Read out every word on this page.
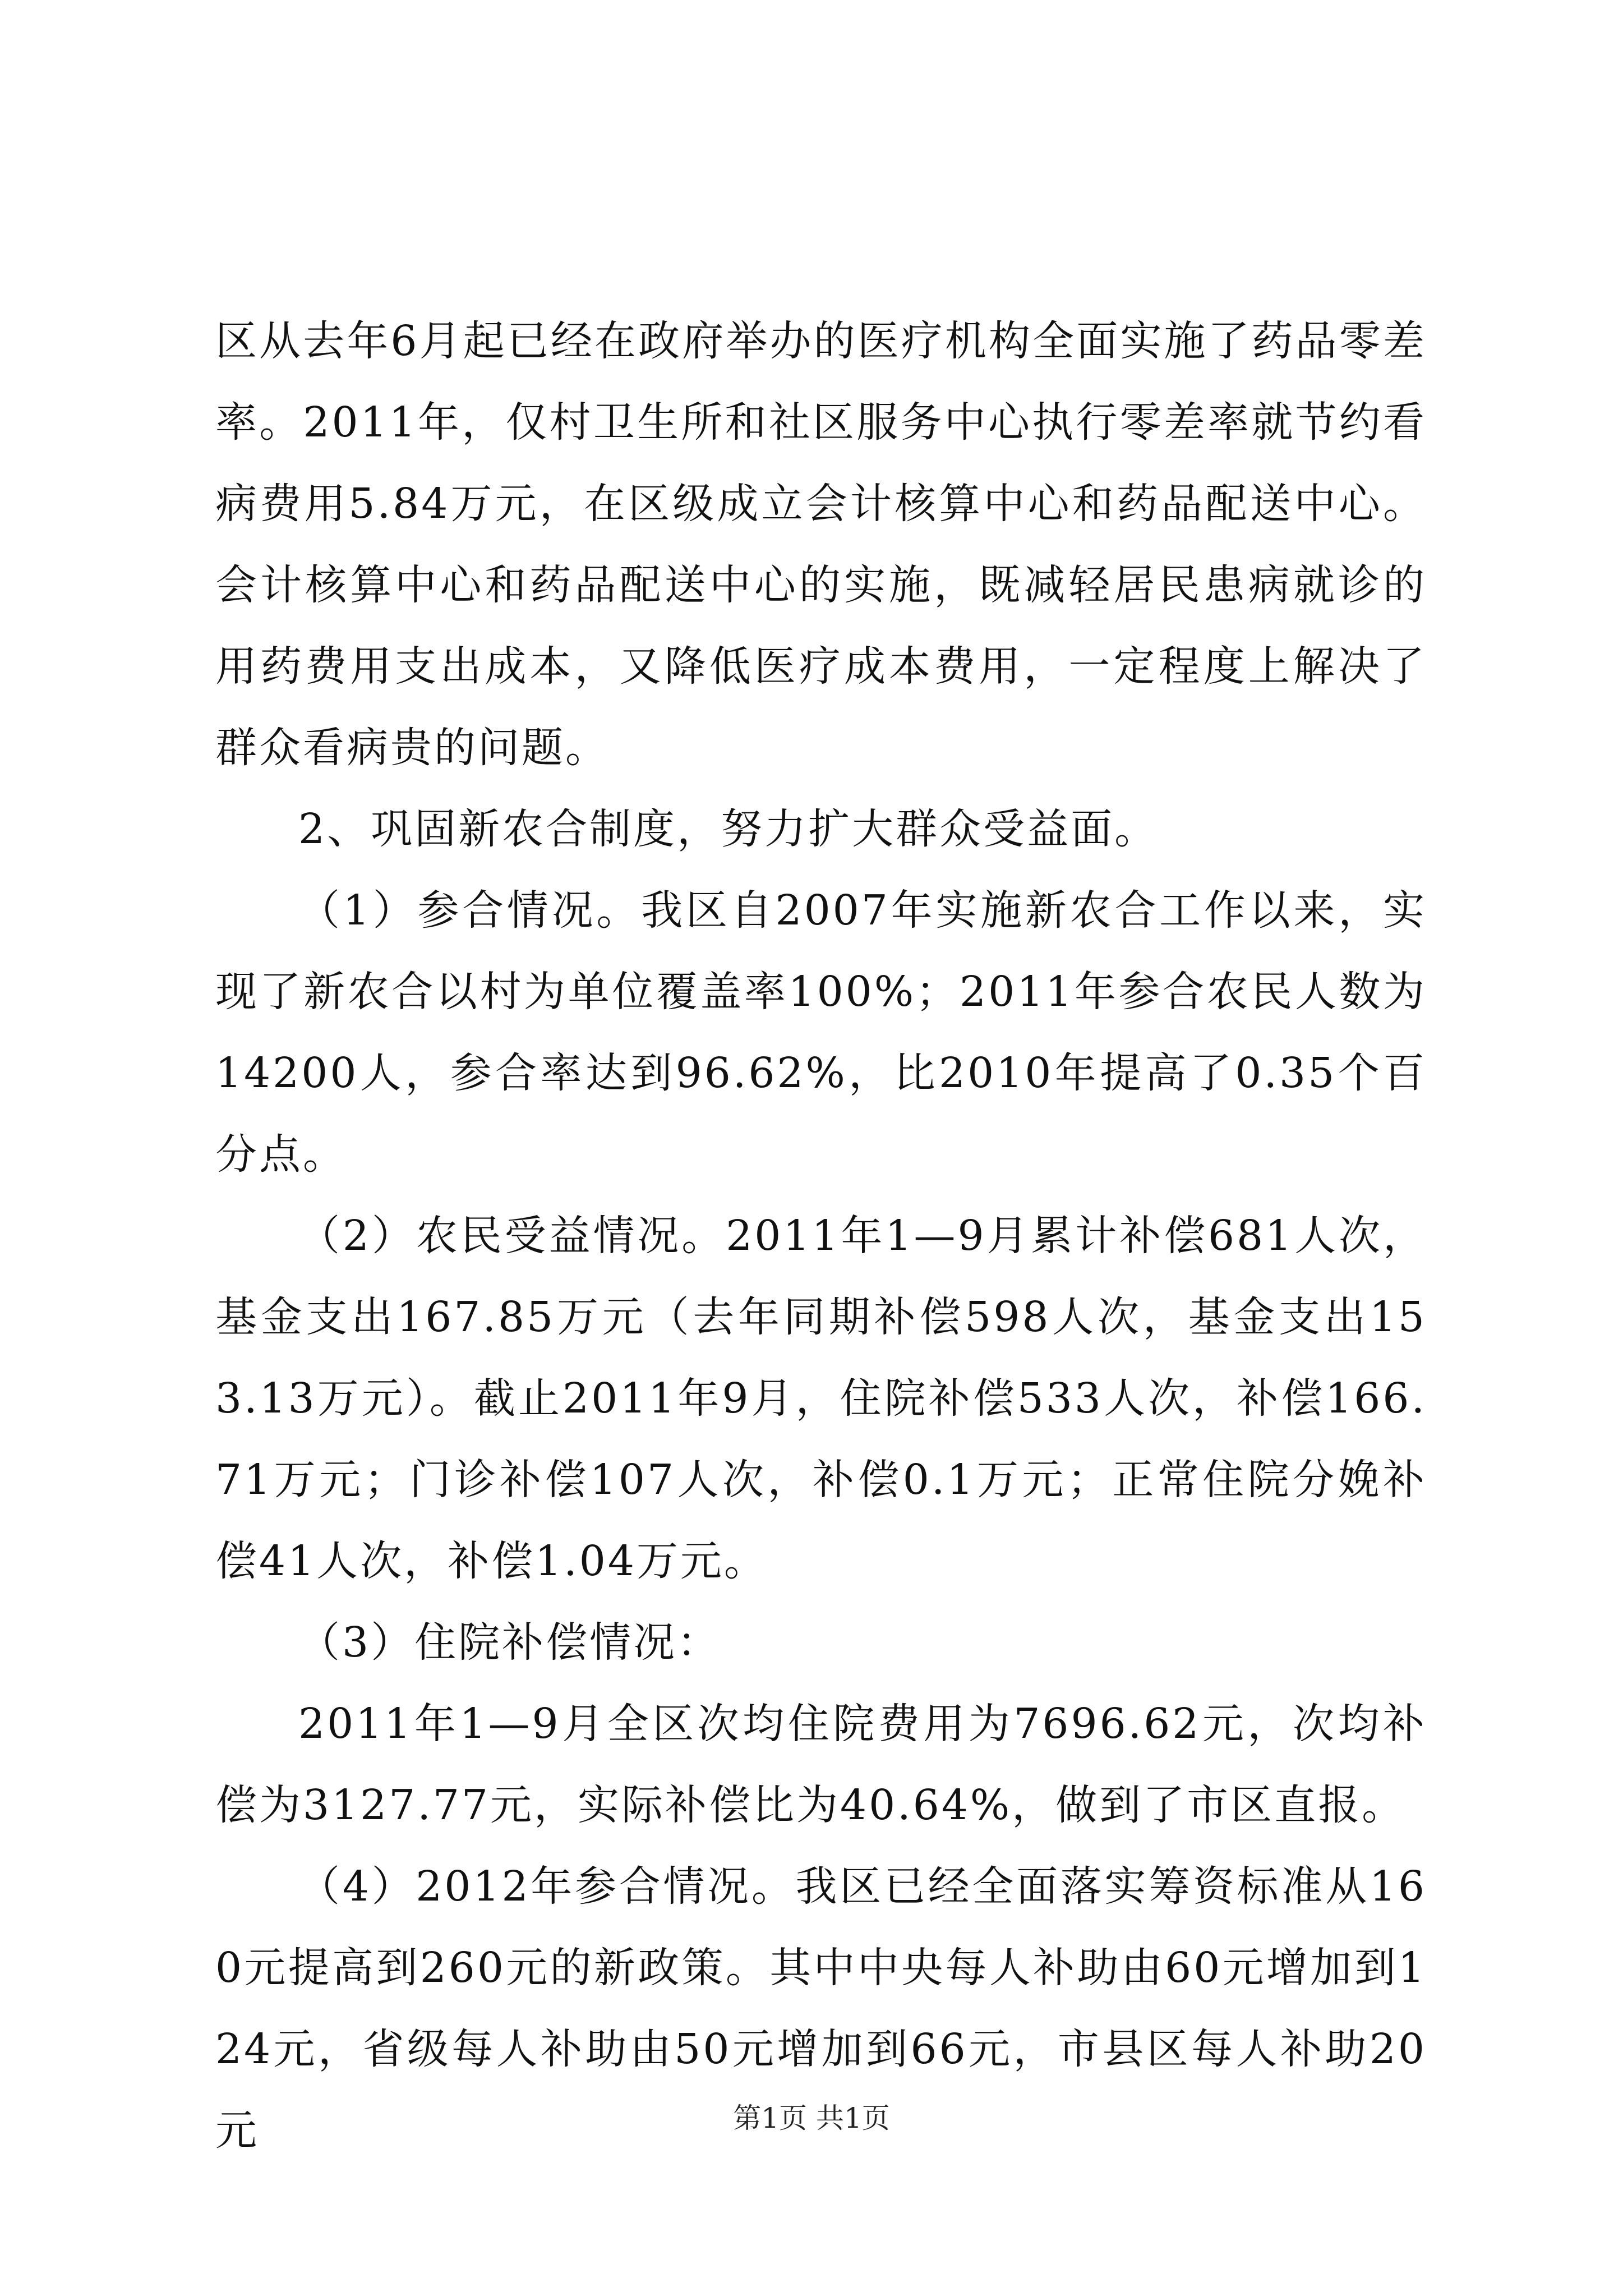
区从去年6月起已经在政府举办的医疗机构全面实施了药品零差率。2011年，仅村卫生所和社区服务中心执行零差率就节约看病费用5.84万元，在区级成立会计核算中心和药品配送中心。会计核算中心和药品配送中心的实施，既减轻居民患病就诊的用药费用支出成本，又降低医疗成本费用，一定程度上解决了群众看病贵的问题。

2、巩固新农合制度，努力扩大群众受益面。

（1）参合情况。我区自2007年实施新农合工作以来，实现了新农合以村为单位覆盖率100%；2011年参合农民人数为14200人，参合率达到96.62%，比2010年提高了0.35个百分点。

（2）农民受益情况。2011年1—9月累计补偿681人次，基金支出167.85万元（去年同期补偿598人次，基金支出153.13万元）。截止2011年9月，住院补偿533人次，补偿166.71万元；门诊补偿107人次，补偿0.1万元；正常住院分娩补偿41人次，补偿1.04万元。

（3）住院补偿情况：

2011年1—9月全区次均住院费用为7696.62元，次均补偿为3127.77元，实际补偿比为40.64%，做到了市区直报。

（4）2012年参合情况。我区已经全面落实筹资标准从160元提高到260元的新政策。其中中央每人补助由60元增加到124元，省级每人补助由50元增加到66元，市县区每人补助20元	第1页 共1页
